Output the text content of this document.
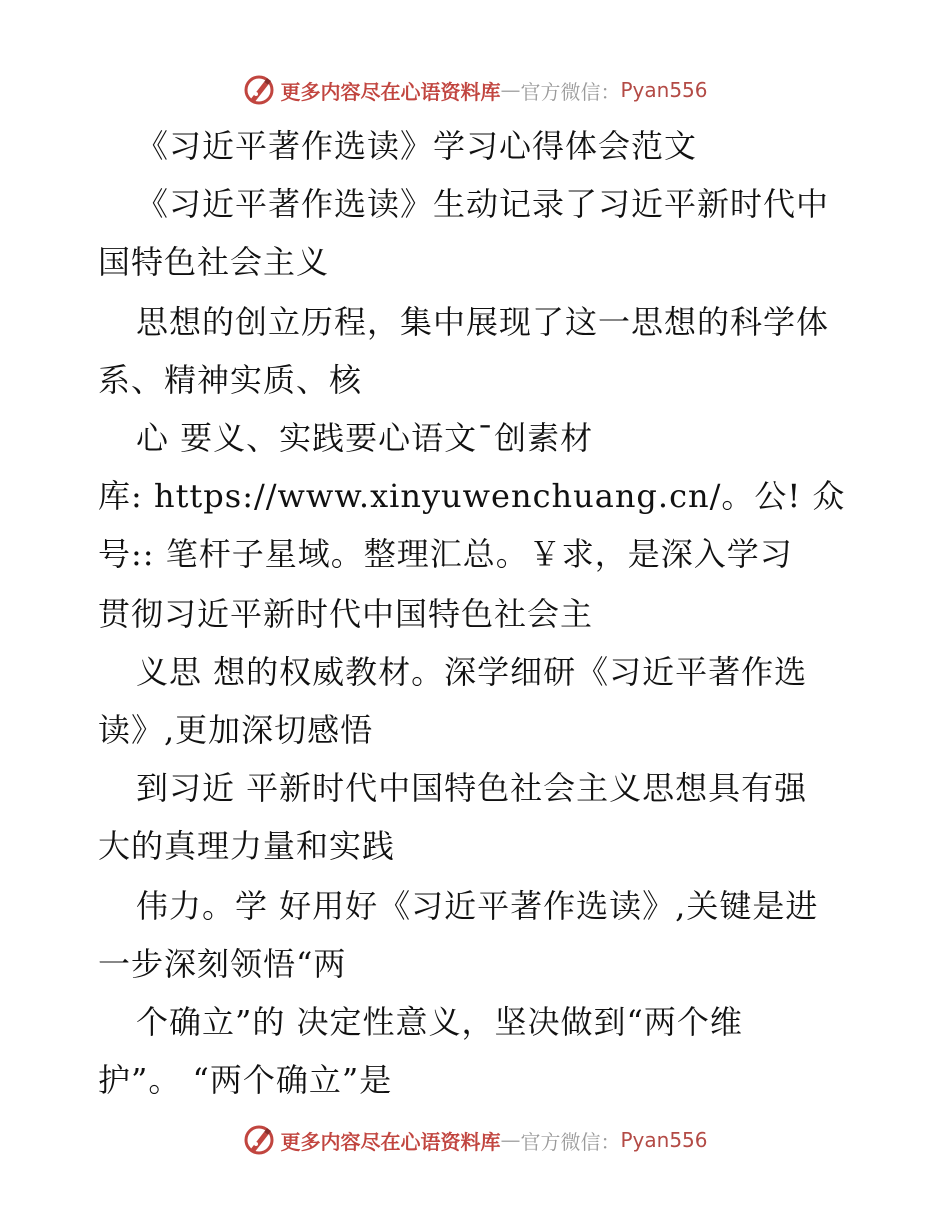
更多内容尽在心语资料库 — 官方微信： Pyan556
《习近平著作选读》学习心得体会范文
《习近平著作选读》生动记录了习近平新时代中
国特色社会主义
思想的创立历程，集中展现了这一思想的科学体
系、精神实质、核
心 要义、实践要心语文¯创素材
库: https://www.xinyuwenchuang.cn/。公! 众
号:: 笔杆子星域。整理汇总。￥求，是深入学习
贯彻习近平新时代中国特色社会主
义思 想的权威教材。深学细研《习近平著作选
读》,更加深切感悟
到习近 平新时代中国特色社会主义思想具有强
大的真理力量和实践
伟力。学 好用好《习近平著作选读》,关键是进
一步深刻领悟“两
个确立”的 决定性意义，坚决做到“两个维
护”。 “两个确立”是
更多内容尽在心语资料库 — 官方微信： Pyan556
